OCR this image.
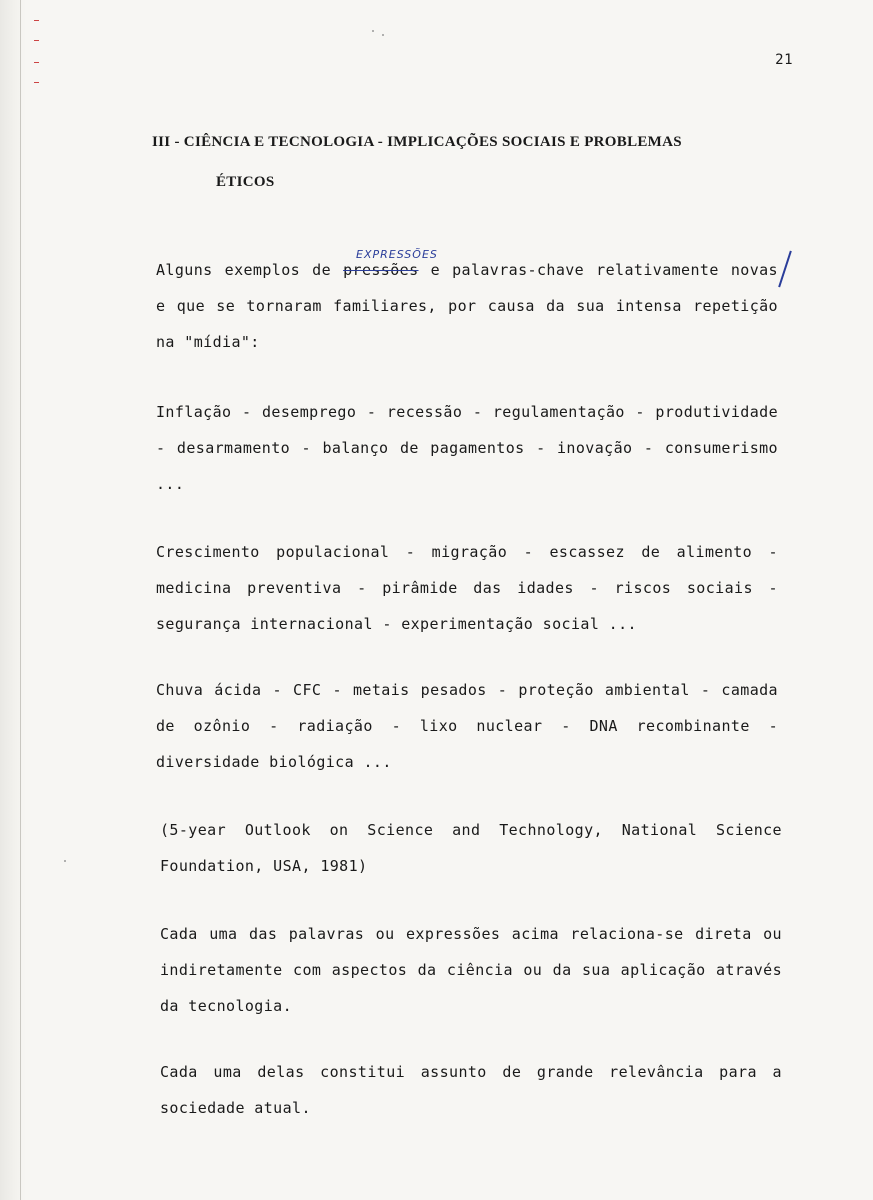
21
III - CIÊNCIA E TECNOLOGIA - IMPLICAÇÕES SOCIAIS E PROBLEMAS
ÉTICOS
EXPRESSÕES

Alguns exemplos de pressões e palavras-chave relativamente novas e que se tornaram familiares, por causa da sua intensa repetição na "mídia":

Inflação - desemprego - recessão - regulamentação - produtividade - desarmamento - balanço de pagamentos - inovação - consumerismo ...

Crescimento populacional - migração - escassez de alimento - medicina preventiva - pirâmide das idades - riscos sociais - segurança internacional - experimentação social ...

Chuva ácida - CFC - metais pesados - proteção ambiental - camada de ozônio - radiação - lixo nuclear - DNA recombinante - diversidade biológica ...

(5-year Outlook on Science and Technology, National Science Foundation, USA, 1981)

Cada uma das palavras ou expressões acima relaciona-se direta ou indiretamente com aspectos da ciência ou da sua aplicação através da tecnologia.

Cada uma delas constitui assunto de grande relevância para a sociedade atual.
